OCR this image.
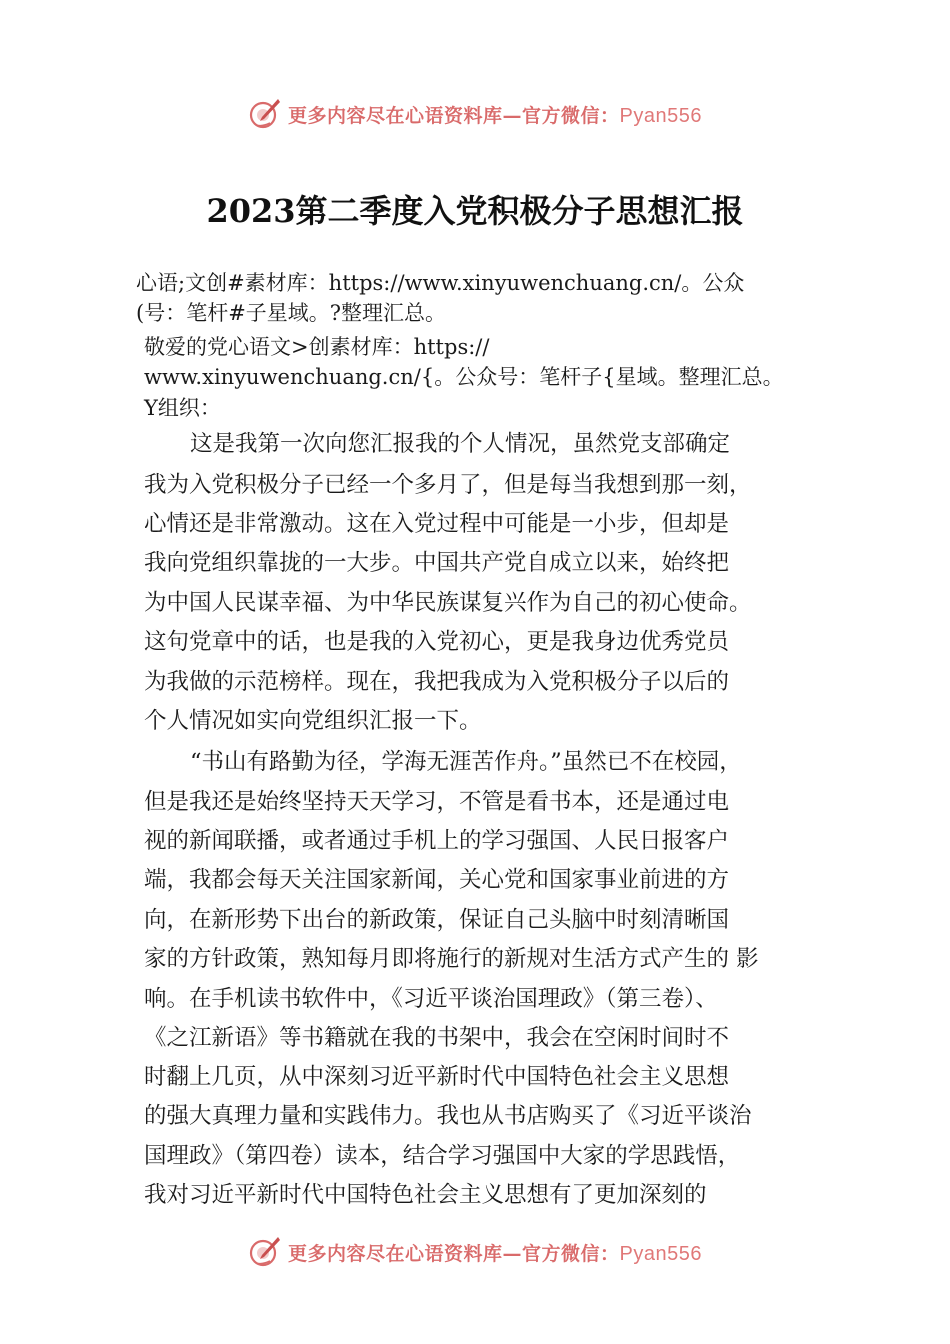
更多内容尽在心语资料库—官方微信：Pyan556
2023第二季度入党积极分子思想汇报
心语;文创#素材库：https://www.xinyuwenchuang.cn/。公众
(号：笔杆#子星域。?整理汇总。
敬爱的党心语文>创素材库：https://
www.xinyuwenchuang.cn/{。公众号：笔杆子{星域。整理汇总。
Y组织：
这是我第一次向您汇报我的个人情况，虽然党支部确定
我为入党积极分子已经一个多月了，但是每当我想到那一刻，
心情还是非常激动。这在入党过程中可能是一小步，但却是
我向党组织靠拢的一大步。中国共产党自成立以来，始终把
为中国人民谋幸福、为中华民族谋复兴作为自己的初心使命。
这句党章中的话，也是我的入党初心，更是我身边优秀党员
为我做的示范榜样。现在，我把我成为入党积极分子以后的
个人情况如实向党组织汇报一下。
“书山有路勤为径，学海无涯苦作舟。”虽然已不在校园，
但是我还是始终坚持天天学习，不管是看书本，还是通过电
视的新闻联播，或者通过手机上的学习强国、人民日报客户
端，我都会每天关注国家新闻，关心党和国家事业前进的方
向，在新形势下出台的新政策，保证自己头脑中时刻清晰国
家的方针政策，熟知每月即将施行的新规对生活方式产生的 影
响。在手机读书软件中，《习近平谈治国理政》（第三卷）、
《之江新语》等书籍就在我的书架中，我会在空闲时间时不
时翻上几页，从中深刻习近平新时代中国特色社会主义思想
的强大真理力量和实践伟力。我也从书店购买了《习近平谈治
国理政》（第四卷）读本，结合学习强国中大家的学思践悟，
我对习近平新时代中国特色社会主义思想有了更加深刻的
更多内容尽在心语资料库—官方微信：Pyan556
